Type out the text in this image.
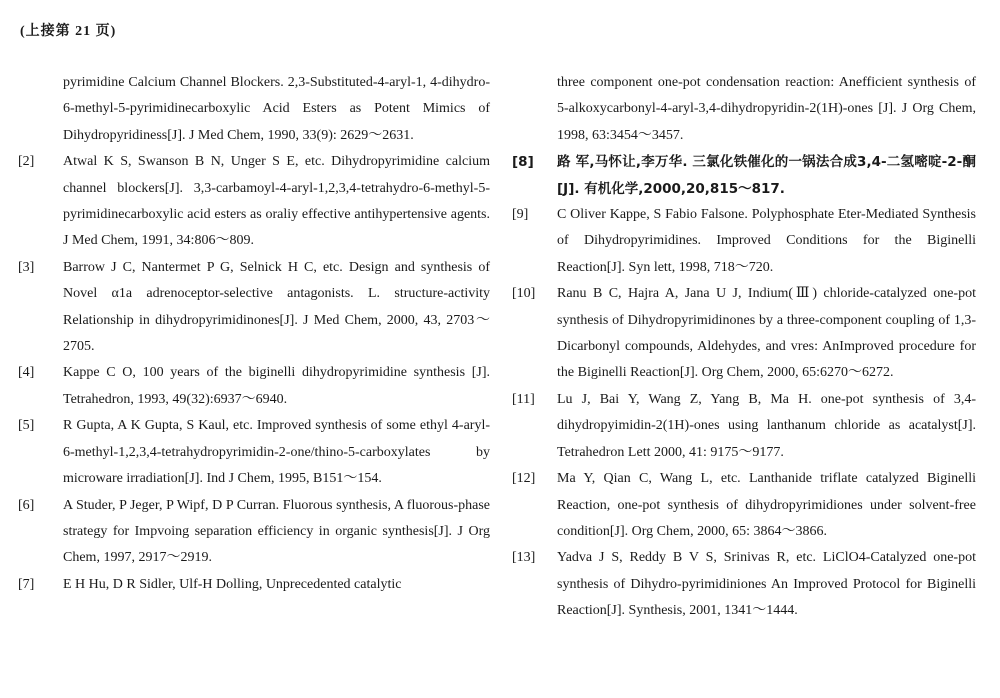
(上接第 21 页)
pyrimidine Calcium Channel Blockers. 2,3-Substituted-4-aryl-1, 4-dihydro-6-methyl-5-pyrimidinecarboxylic Acid Esters as Potent Mimics of Dihydropyridiness[J]. J Med Chem, 1990, 33(9): 2629～2631.
[2] Atwal K S, Swanson B N, Unger S E, etc. Dihydropyrimidine calcium channel blockers[J]. 3,3-carbamoyl-4-aryl-1,2,3,4-tetrahydro-6-methyl-5-pyrimidinecarboxylic acid esters as oraliy effective antihypertensive agents. J Med Chem, 1991, 34:806～809.
[3] Barrow J C, Nantermet P G, Selnick H C, etc. Design and synthesis of Novel α1a adrenoceptor-selective antagonists. L. structure-activity Relationship in dihydropyrimidinones[J]. J Med Chem, 2000, 43, 2703～2705.
[4] Kappe C O, 100 years of the biginelli dihydropyrimidine synthesis [J]. Tetrahedron, 1993, 49(32):6937～6940.
[5] R Gupta, A K Gupta, S Kaul, etc. Improved synthesis of some ethyl 4-aryl-6-methyl-1,2,3,4-tetrahydropyrimidin-2-one/thino-5-carboxylates by microware irradiation[J]. Ind J Chem, 1995, B151～154.
[6] A Studer, P Jeger, P Wipf, D P Curran. Fluorous synthesis, A fluorous-phase strategy for Impvoing separation efficiency in organic synthesis[J]. J Org Chem, 1997, 2917～2919.
[7] E H Hu, D R Sidler, Ulf-H Dolling, Unprecedented catalytic
three component one-pot condensation reaction: Anefficient synthesis of 5-alkoxycarbonyl-4-aryl-3,4-dihydropyridin-2(1H)-ones [J]. J Org Chem, 1998, 63:3454～3457.
[8] 路 军,马怀让,李万华. 三氯化铁催化的一锅法合成3,4-二氢嘧啶-2-酮[J]. 有机化学,2000,20,815～817.
[9] C Oliver Kappe, S Fabio Falsone. Polyphosphate Eter-Mediated Synthesis of Dihydropyrimidines. Improved Conditions for the Biginelli Reaction[J]. Syn lett, 1998, 718～720.
[10] Ranu B C, Hajra A, Jana U J, Indium(Ⅲ) chloride-catalyzed one-pot synthesis of Dihydropyrimidinones by a three-component coupling of 1,3-Dicarbonyl compounds, Aldehydes, and vres: AnImproved procedure for the Biginelli Reaction[J]. Org Chem, 2000, 65:6270～6272.
[11] Lu J, Bai Y, Wang Z, Yang B, Ma H. one-pot synthesis of 3,4-dihydropyimidin-2(1H)-ones using lanthanum chloride as acatalyst[J]. Tetrahedron Lett 2000, 41: 9175～9177.
[12] Ma Y, Qian C, Wang L, etc. Lanthanide triflate catalyzed Biginelli Reaction, one-pot synthesis of dihydropyrimidiones under solvent-free condition[J]. Org Chem, 2000, 65: 3864～3866.
[13] Yadva J S, Reddy B V S, Srinivas R, etc. LiClO4-Catalyzed one-pot synthesis of Dihydro-pyrimidiniones An Improved Protocol for Biginelli Reaction[J]. Synthesis, 2001, 1341～1444.
